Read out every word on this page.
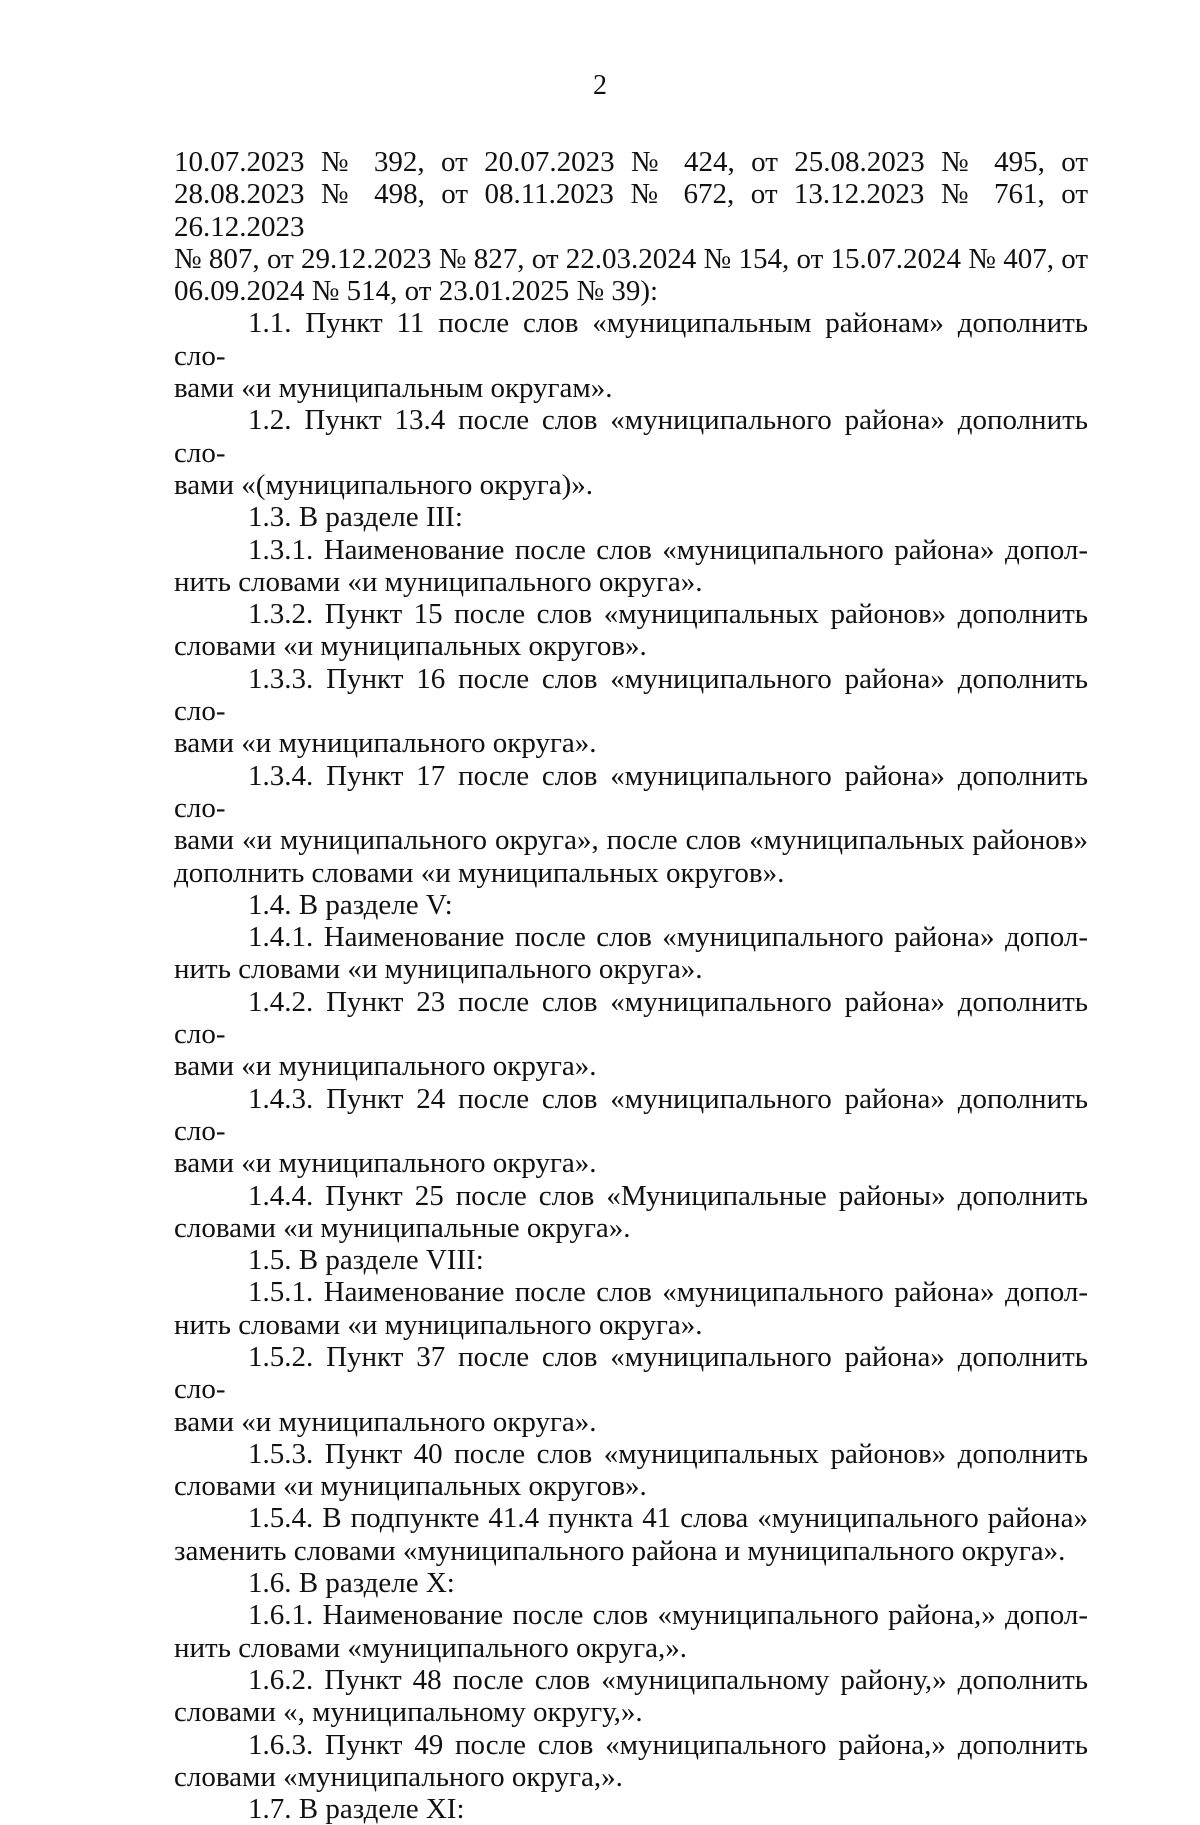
2
10.07.2023 № 392, от 20.07.2023 № 424, от 25.08.2023 № 495, от
28.08.2023 № 498, от 08.11.2023 № 672, от 13.12.2023 № 761, от 26.12.2023
№ 807, от 29.12.2023 № 827, от 22.03.2024 № 154, от 15.07.2024 № 407, от
06.09.2024 № 514, от 23.01.2025 № 39):
1.1. Пункт 11 после слов «муниципальным районам» дополнить сло-
вами «и муниципальным округам».
1.2. Пункт 13.4 после слов «муниципального района» дополнить сло-
вами «(муниципального округа)».
1.3. В разделе III:
1.3.1. Наименование после слов «муниципального района» допол-
нить словами «и муниципального округа».
1.3.2. Пункт 15 после слов «муниципальных районов» дополнить
словами «и муниципальных округов».
1.3.3. Пункт 16 после слов «муниципального района» дополнить сло-
вами «и муниципального округа».
1.3.4. Пункт 17 после слов «муниципального района» дополнить сло-
вами «и муниципального округа», после слов «муниципальных районов»
дополнить словами «и муниципальных округов».
1.4. В разделе V:
1.4.1. Наименование после слов «муниципального района» допол-
нить словами «и муниципального округа».
1.4.2. Пункт 23 после слов «муниципального района» дополнить сло-
вами «и муниципального округа».
1.4.3. Пункт 24 после слов «муниципального района» дополнить сло-
вами «и муниципального округа».
1.4.4. Пункт 25 после слов «Муниципальные районы» дополнить
словами «и муниципальные округа».
1.5. В разделе VIII:
1.5.1. Наименование после слов «муниципального района» допол-
нить словами «и муниципального округа».
1.5.2. Пункт 37 после слов «муниципального района» дополнить сло-
вами «и муниципального округа».
1.5.3. Пункт 40 после слов «муниципальных районов» дополнить
словами «и муниципальных округов».
1.5.4. В подпункте 41.4 пункта 41 слова «муниципального района»
заменить словами «муниципального района и муниципального округа».
1.6. В разделе X:
1.6.1. Наименование после слов «муниципального района,» допол-
нить словами «муниципального округа,».
1.6.2. Пункт 48 после слов «муниципальному району,» дополнить
словами «, муниципальному округу,».
1.6.3. Пункт 49 после слов «муниципального района,» дополнить
словами «муниципального округа,».
1.7. В разделе XI:
